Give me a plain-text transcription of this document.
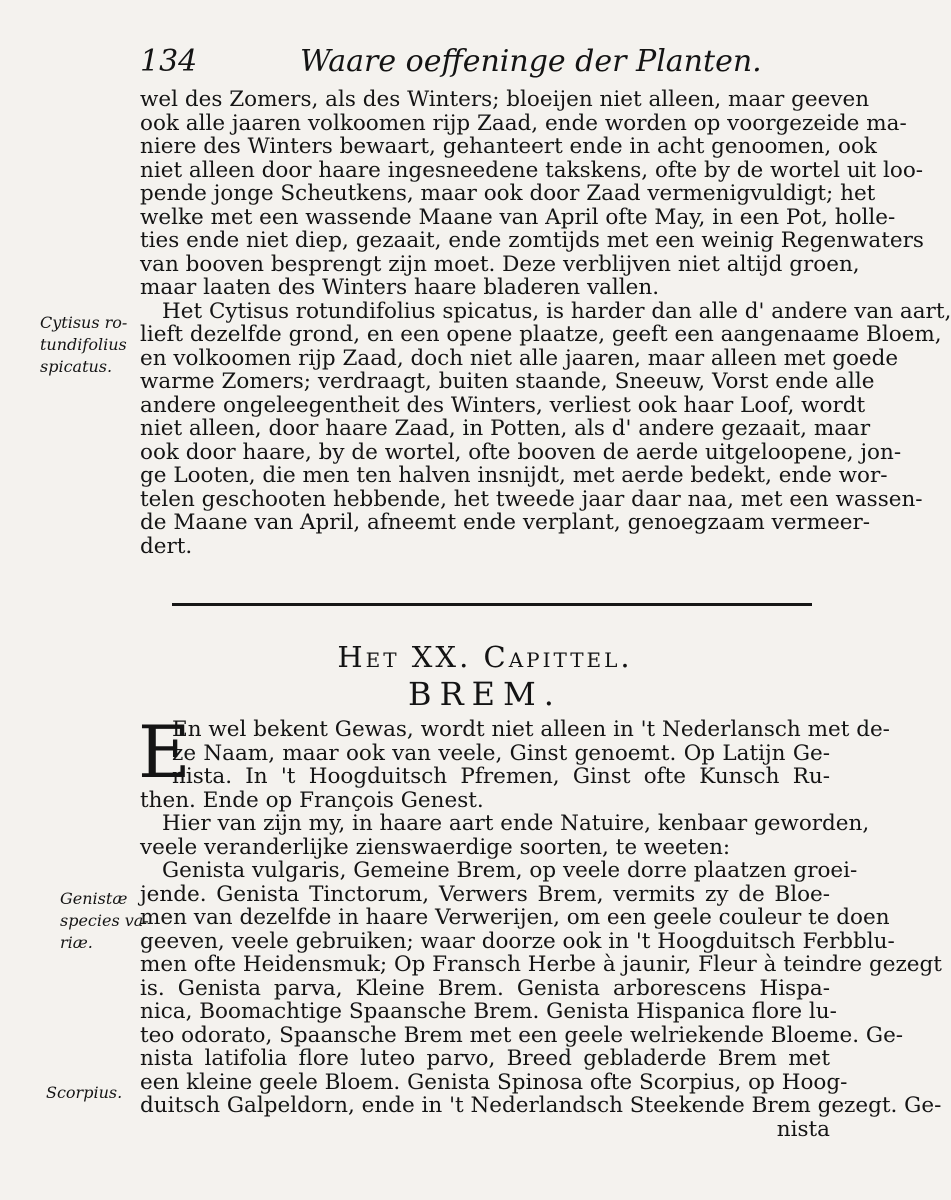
134	Waare oeffeninge der Planten.
wel des Zomers, als des Winters; bloeijen niet alleen, maar geeven
ook alle jaaren volkoomen rijp Zaad, ende worden op voorgezeide ma-
niere des Winters bewaart, gehanteert ende in acht genoomen, ook
niet alleen door haare ingesneedene takskens, ofte by de wortel uit loo-
pende jonge Scheutkens, maar ook door Zaad vermenigvuldigt; het
welke met een wassende Maane van April ofte May, in een Pot, holle-
ties ende niet diep, gezaait, ende zomtijds met een weinig Regenwaters
van booven besprengt zijn moet. Deze verblijven niet altijd groen,
maar laaten des Winters haare bladeren vallen.
Het Cytisus rotundifolius spicatus, is harder dan alle d' andere van aart,
lieft dezelfde grond, en een opene plaatze, geeft een aangenaame Bloem,
en volkoomen rijp Zaad, doch niet alle jaaren, maar alleen met goede
warme Zomers; verdraagt, buiten staande, Sneeuw, Vorst ende alle
andere ongeleegentheit des Winters, verliest ook haar Loof, wordt
niet alleen, door haare Zaad, in Potten, als d' andere gezaait, maar
ook door haare, by de wortel, ofte booven de aerde uitgeloopene, jon-
ge Looten, die men ten halven insnijdt, met aerde bedekt, ende wor-
telen geschooten hebbende, het tweede jaar daar naa, met een wassen-
de Maane van April, afneemt ende verplant, genoegzaam vermeer-
dert.
Cytisus ro-
tundifolius
spicatus.
Het XX. Capittel.
BREM.
E
En wel bekent Gewas, wordt niet alleen in 't Nederlansch met de-
ze Naam, maar ook van veele, Ginst genoemt. Op Latijn Ge-
nista. In 't Hoogduitsch Pfremen, Ginst ofte Kunsch Ru-
then. Ende op François Genest.
Hier van zijn my, in haare aart ende Natuire, kenbaar geworden,
veele veranderlijke zienswaerdige soorten, te weeten:
Genista vulgaris, Gemeine Brem, op veele dorre plaatzen groei-
jende. Genista Tinctorum, Verwers Brem, vermits zy de Bloe-
men van dezelfde in haare Verwerijen, om een geele couleur te doen
geeven, veele gebruiken; waar doorze ook in 't Hoogduitsch Ferbblu-
men ofte Heidensmuk; Op Fransch Herbe à jaunir, Fleur à teindre gezegt
is. Genista parva, Kleine Brem. Genista arborescens Hispa-
nica, Boomachtige Spaansche Brem. Genista Hispanica flore lu-
teo odorato, Spaansche Brem met een geele welriekende Bloeme. Ge-
nista latifolia flore luteo parvo, Breed gebladerde Brem met
een kleine geele Bloem. Genista Spinosa ofte Scorpius, op Hoog-
duitsch Galpeldorn, ende in 't Nederlandsch Steekende Brem gezegt. Ge-
nista
Genistæ
species va-
riæ.
Scorpius.
